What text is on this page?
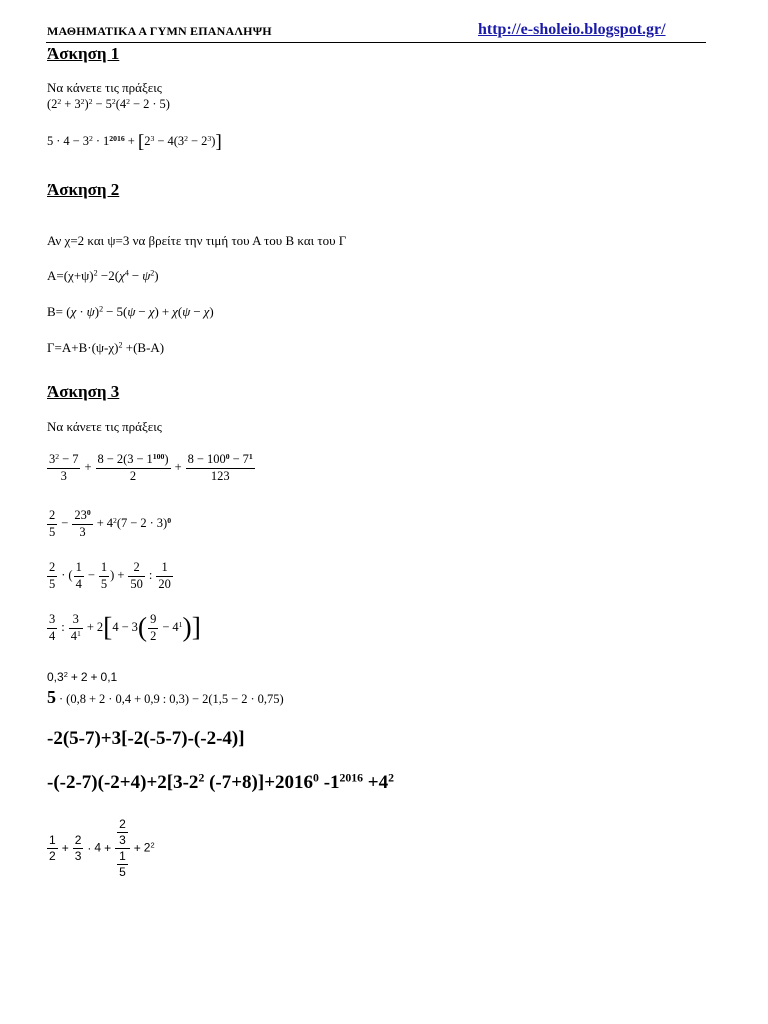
ΜΑΘΗΜΑΤΙΚΑ Α ΓΥΜΝ ΕΠΑΝΑΛΗΨΗ	http://e-sholeio.blogspot.gr/
Άσκηση 1
Να κάνετε τις πράξεις
$(2^2 + 3^2)^2 - 5^2(4^2 - 2 \cdot 5)$
$5 \cdot 4 - 3^2 \cdot 1^{2016} + [2^3 - 4(3^2 - 2^3)]$
Άσκηση 2
Αν χ=2 και ψ=3 να βρείτε την τιμή του Α του Β και του Γ
$A=(\chi+\psi)^2 -2(\chi^4 - \psi^2)$
$B= (\chi \cdot \psi)^2 - 5(\psi - \chi) + \chi(\psi - \chi)$
$\Gamma=A+B\cdot(\psi-\chi)^2 +(B-A)$
Άσκηση 3
Να κάνετε τις πράξεις
$\frac{3^2 - 7}{3} + \frac{8 - 2(3 - 1^{100})}{2} + \frac{8 - 100^0 - 7^1}{123}$
$\frac{2}{5} - \frac{23^0}{3} + 4^2(7 - 2 \cdot 3)^0$
$\frac{2}{5}$ · ( $\frac{1}{4} - \frac{1}{5}$ ) + $\frac{2}{50}$ : $\frac{1}{20}$
$\frac{3}{4}$ : $\frac{3}{4^1} + 2[4 - 3( \frac{9}{2} - 4^1)]$
$0,3^2 + 2 + 0,1$
5 · (0,8 + 2 · 0,4 + 0,9 : 0,3) − 2(1,5 − 2 · 0,75)
-2(5-7)+3[-2(-5-7)-(-2-4)]
$-(-2-7)(-2+4)+2[3-2^2$ $(-7+8)]+2016^0$ $-1^{2016} +4^2$
$\frac{1}{2} + \frac{2}{3} \cdot 4 + \frac{\frac{2}{3}}{\frac{1}{5}} + 2^2$
